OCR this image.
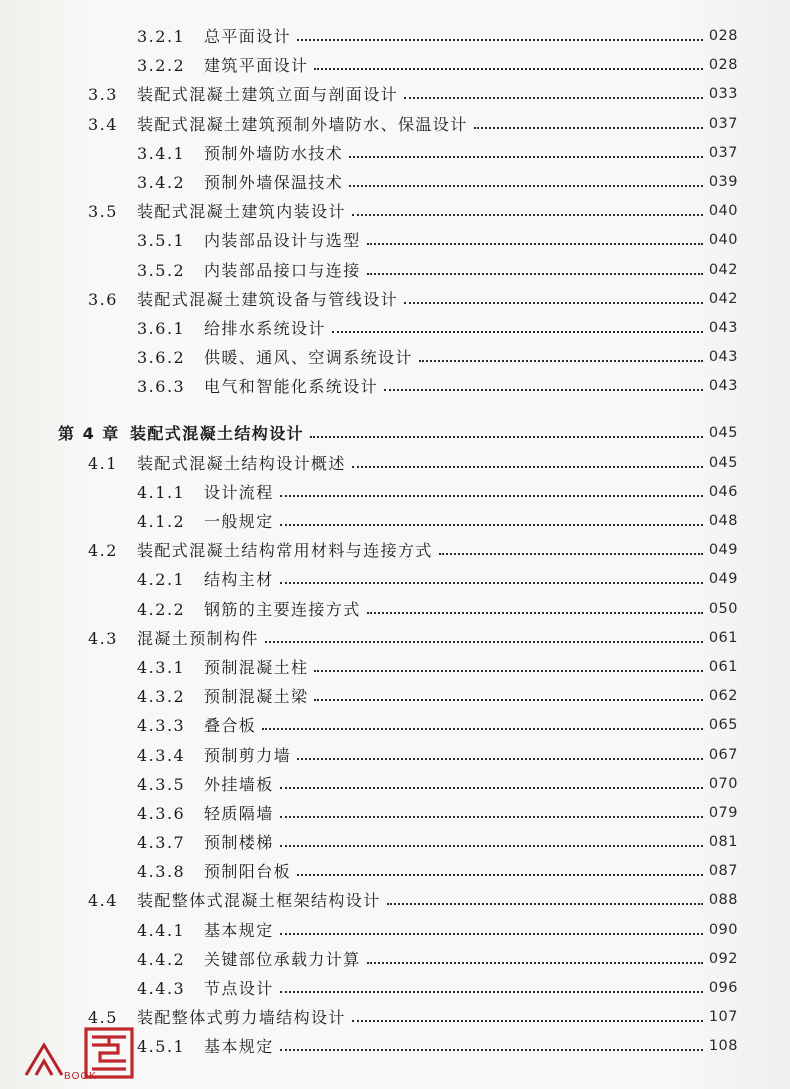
3.2.1 总平面设计	028
3.2.2 建筑平面设计	028
3.3 装配式混凝土建筑立面与剖面设计	033
3.4 装配式混凝土建筑预制外墙防水、保温设计	037
3.4.1 预制外墙防水技术	037
3.4.2 预制外墙保温技术	039
3.5 装配式混凝土建筑内装设计	040
3.5.1 内装部品设计与选型	040
3.5.2 内装部品接口与连接	042
3.6 装配式混凝土建筑设备与管线设计	042
3.6.1 给排水系统设计	043
3.6.2 供暖、通风、空调系统设计	043
3.6.3 电气和智能化系统设计	043
第 4 章 装配式混凝土结构设计	045
4.1 装配式混凝土结构设计概述	045
4.1.1 设计流程	046
4.1.2 一般规定	048
4.2 装配式混凝土结构常用材料与连接方式	049
4.2.1 结构主材	049
4.2.2 钢筋的主要连接方式	050
4.3 混凝土预制构件	061
4.3.1 预制混凝土柱	061
4.3.2 预制混凝土梁	062
4.3.3 叠合板	065
4.3.4 预制剪力墙	067
4.3.5 外挂墙板	070
4.3.6 轻质隔墙	079
4.3.7 预制楼梯	081
4.3.8 预制阳台板	087
4.4 装配整体式混凝土框架结构设计	088
4.4.1 基本规定	090
4.4.2 关键部位承载力计算	092
4.4.3 节点设计	096
4.5 装配整体式剪力墙结构设计	107
4.5.1 基本规定	108
BOOK
